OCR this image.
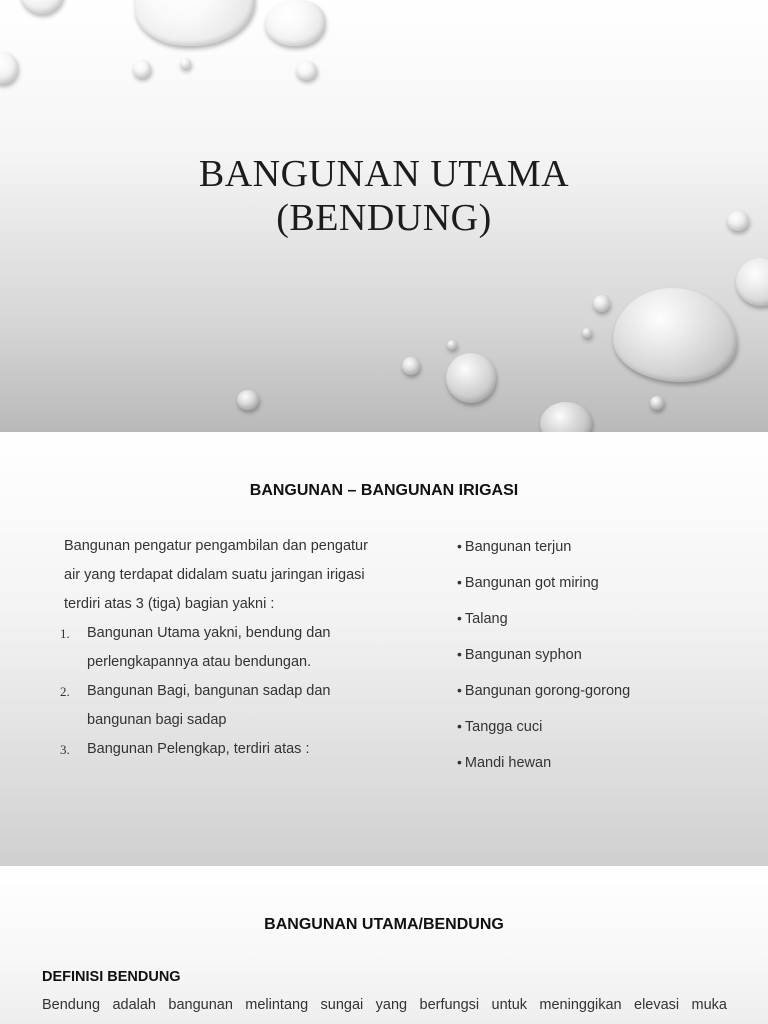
BANGUNAN UTAMA
(BENDUNG)
BANGUNAN – BANGUNAN IRIGASI
Bangunan pengatur pengambilan dan pengatur
air yang terdapat didalam suatu jaringan irigasi
terdiri atas 3 (tiga) bagian yakni :
1. Bangunan Utama yakni, bendung dan
perlengkapannya atau bendungan.
2. Bangunan Bagi, bangunan sadap dan
bangunan bagi sadap
3. Bangunan Pelengkap, terdiri atas :
• Bangunan terjun
• Bangunan got miring
• Talang
• Bangunan syphon
• Bangunan gorong-gorong
• Tangga cuci
• Mandi hewan
BANGUNAN UTAMA/BENDUNG
DEFINISI BENDUNG
Bendung adalah bangunan melintang sungai yang berfungsi untuk meninggikan elevasi muka
